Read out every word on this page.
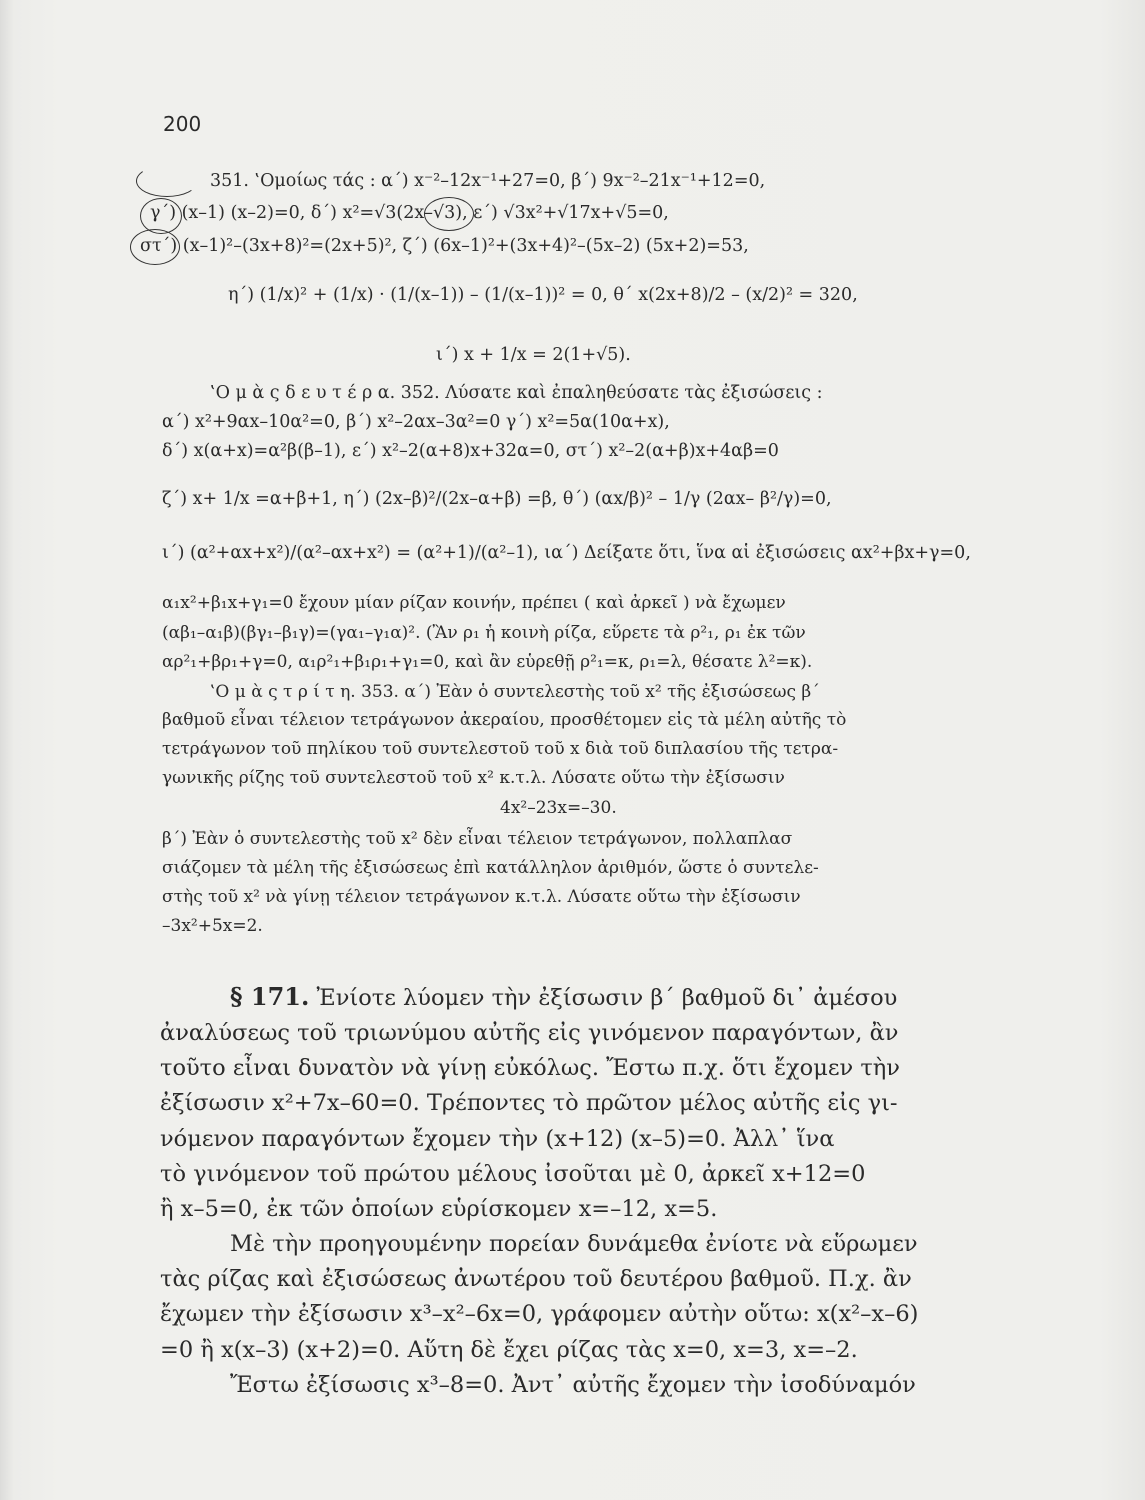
200
351. ‛Ομοίως τάς : α΄) x⁻²–12x⁻¹+27=0, β΄) 9x⁻²–21x⁻¹+12=0,
γ΄) (x–1) (x–2)=0, δ΄) x²=√3(2x–√3), ε΄) √3x²+√17x+√5=0,
στ΄) (x–1)²–(3x+8)²=(2x+5)², ζ΄) (6x–1)²+(3x+4)²–(5x–2) (5x+2)=53,
η΄) (1/x)² + (1/x) · (1/(x–1)) – (1/(x–1))² = 0, θ΄ x(2x+8)/2 – (x/2)² = 320,
ι΄) x + 1/x = 2(1+√5).
‛Ο μ ὰ ς δ ε υ τ έ ρ α. 352. Λύσατε καὶ ἐπαληθεύσατε τὰς ἐξισώσεις :
α΄) x²+9αx–10α²=0, β΄) x²–2αx–3α²=0 γ΄) x²=5α(10α+x),
δ΄) x(α+x)=α²β(β–1), ε΄) x²–2(α+8)x+32α=0, στ΄) x²–2(α+β)x+4αβ=0
ζ΄) x+ 1/x =α+β+1, η΄) (2x–β)²/(2x–α+β) =β, θ΄) (αx/β)² – 1/γ (2αx– β²/γ)=0,
ι΄) (α²+αx+x²)/(α²–αx+x²) = (α²+1)/(α²–1), ια΄) Δείξατε ὅτι, ἵνα αἱ ἐξισώσεις αx²+βx+γ=0,
α₁x²+β₁x+γ₁=0 ἔχουν μίαν ρίζαν κοινήν, πρέπει ( καὶ ἀρκεῖ ) νὰ ἔχωμεν
(αβ₁–α₁β)(βγ₁–β₁γ)=(γα₁–γ₁α)². (Ἂν ρ₁ ἡ κοινὴ ρίζα, εὕρετε τὰ ρ²₁, ρ₁ ἐκ τῶν
αρ²₁+βρ₁+γ=0, α₁ρ²₁+β₁ρ₁+γ₁=0, καὶ ἂν εὑρεθῇ ρ²₁=κ, ρ₁=λ, θέσατε λ²=κ).
‛Ο μ ὰ ς τ ρ ί τ η. 353. α΄) Ἐὰν ὁ συντελεστὴς τοῦ x² τῆς ἐξισώσεως β΄
βαθμοῦ εἶναι τέλειον τετράγωνον ἀκεραίου, προσθέτομεν εἰς τὰ μέλη αὐτῆς τὸ
τετράγωνον τοῦ πηλίκου τοῦ συντελεστοῦ τοῦ x διὰ τοῦ διπλασίου τῆς τετρα-
γωνικῆς ρίζης τοῦ συντελεστοῦ τοῦ x² κ.τ.λ. Λύσατε οὕτω τὴν ἐξίσωσιν
4x²–23x=–30.
β΄) Ἐὰν ὁ συντελεστὴς τοῦ x² δὲν εἶναι τέλειον τετράγωνον, πολλαπλασ
σιάζομεν τὰ μέλη τῆς ἐξισώσεως ἐπὶ κατάλληλον ἀριθμόν, ὥστε ὁ συντελε-
στὴς τοῦ x² νὰ γίνῃ τέλειον τετράγωνον κ.τ.λ. Λύσατε οὕτω τὴν ἐξίσωσιν
–3x²+5x=2.
§ 171. Ἐνίοτε λύομεν τὴν ἐξίσωσιν β΄ βαθμοῦ δι᾽ ἀμέσου
ἀναλύσεως τοῦ τριωνύμου αὐτῆς εἰς γινόμενον παραγόντων, ἂν
τοῦτο εἶναι δυνατὸν νὰ γίνῃ εὐκόλως. Ἔστω π.χ. ὅτι ἔχομεν τὴν
ἐξίσωσιν x²+7x–60=0. Τρέποντες τὸ πρῶτον μέλος αὐτῆς εἰς γι-
νόμενον παραγόντων ἔχομεν τὴν (x+12) (x–5)=0. Ἀλλ᾽ ἵνα
τὸ γινόμενον τοῦ πρώτου μέλους ἰσοῦται μὲ 0, ἀρκεῖ x+12=0
ἢ x–5=0, ἐκ τῶν ὁποίων εὑρίσκομεν x=–12, x=5.
Μὲ τὴν προηγουμένην πορείαν δυνάμεθα ἐνίοτε νὰ εὕρωμεν
τὰς ρίζας καὶ ἐξισώσεως ἀνωτέρου τοῦ δευτέρου βαθμοῦ. Π.χ. ἂν
ἔχωμεν τὴν ἐξίσωσιν x³–x²–6x=0, γράφομεν αὐτὴν οὕτω: x(x²–x–6)
=0 ἢ x(x–3) (x+2)=0. Αὕτη δὲ ἔχει ρίζας τὰς x=0, x=3, x=–2.
Ἔστω ἐξίσωσις x³–8=0. Ἀντ᾽ αὐτῆς ἔχομεν τὴν ἰσοδύναμόν
